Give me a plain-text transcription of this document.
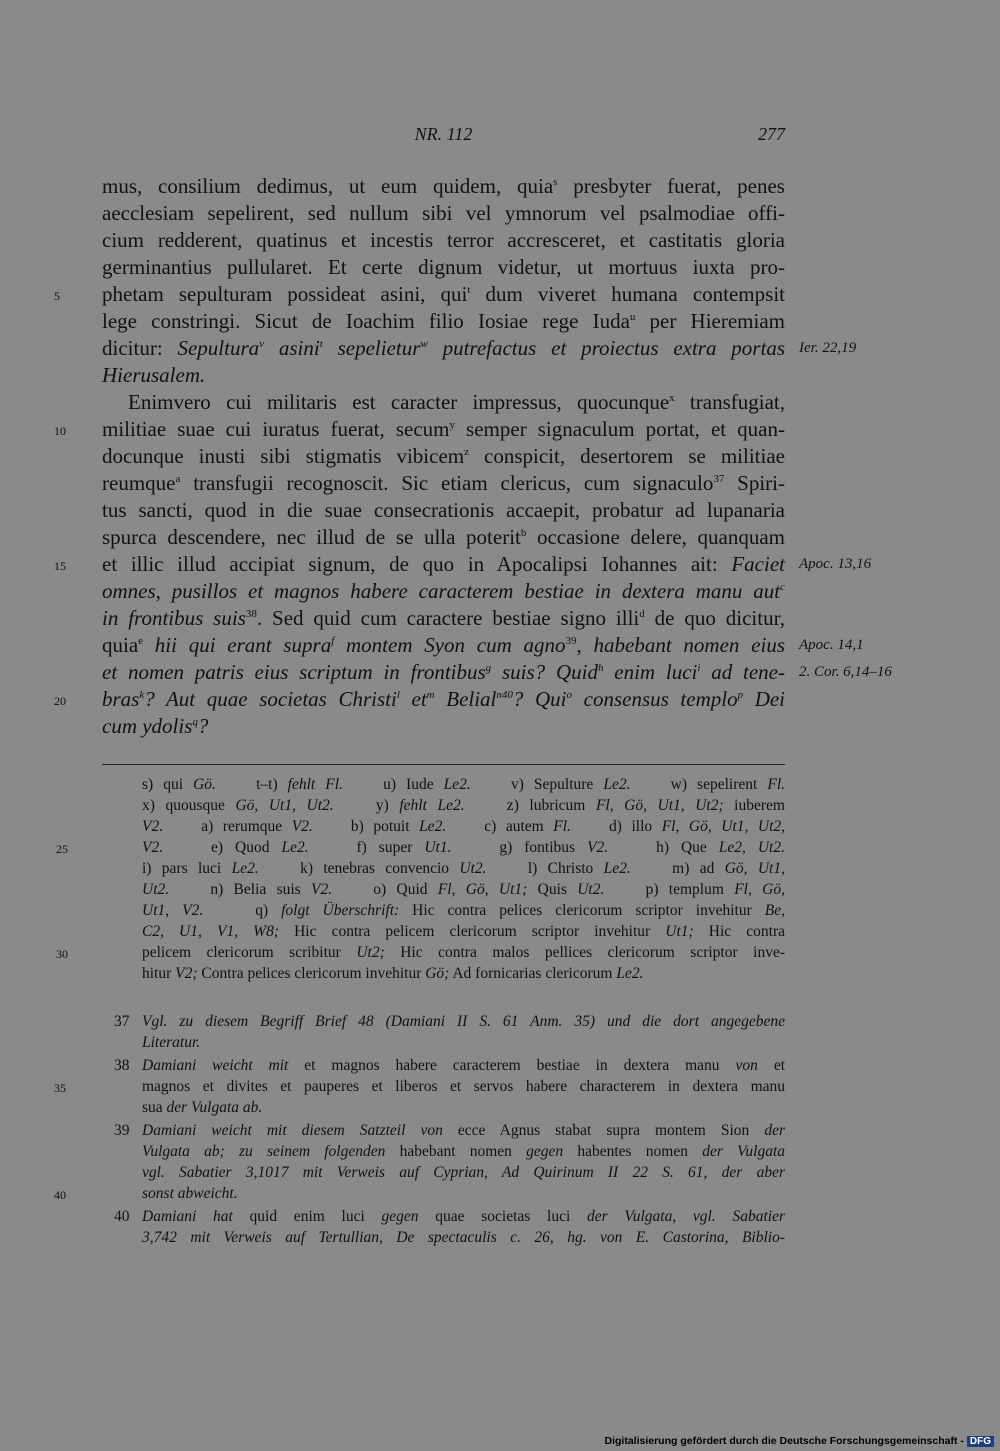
NR. 112	277
mus, consilium dedimus, ut eum quidem, quia$^s$ presbyter fuerat, penes
aecclesiam sepelirent, sed nullum sibi vel ymnorum vel psalmodiae offi-
cium redderent, quatinus et incestis terror accresceret, et castitatis gloria
germinantius pullularet. Et certe dignum videtur, ut mortuus iuxta pro-
phetam sepulturam possideat asini, qui$^t$ dum viveret humana contempsit
5
lege constringi. Sicut de Ioachim filio Iosiae rege Iuda$^u$ per Hieremiam
dicitur: Sepultura$^v$ asini$^t$ sepelietur$^w$ putrefactus et proiectus extra portas Ier. 22,19
Hierusalem.
Enimvero cui militaris est caracter impressus, quocunque$^x$ transfugiat,
militiae suae cui iuratus fuerat, secum$^y$ semper signaculum portat, et quan-
10
docunque inusti sibi stigmatis vibicem$^z$ conspicit, desertorem se militiae
reumque$^a$ transfugii recognoscit. Sic etiam clericus, cum signaculo$^{37}$ Spiri-
tus sancti, quod in die suae consecrationis accaepit, probatur ad lupanaria
spurca descendere, nec illud de se ulla poterit$^b$ occasione delere, quanquam
et illic illud accipiat signum, de quo in Apocalipsi Iohannes ait: Faciet
15	Apoc. 13,16
omnes, pusillos et magnos habere caracterem bestiae in dextera manu aut$^c$
in frontibus suis$^{38}$. Sed quid cum caractere bestiae signo illi$^d$ de quo dicitur,
quia$^e$ hii qui erant supra$^f$ montem Syon cum agno$^{39}$, habebant nomen eius Apoc. 14,1
et nomen patris eius scriptum in frontibus$^g$ suis? Quid$^h$ enim luci$^i$ ad tene- 2. Cor. 6,14–16
bras$^k$? Aut quae societas Christi$^l$ $et^m$ Belial$^{n40}$? Qui$^o$ consensus templo$^p$ Dei
20
cum ydolis$^q$?
s) qui Gö.    t–t) fehlt Fl.    u) Iude Le2.    v) Sepulture Le2.    w) sepelirent Fl.
x) quousque Gö, Ut1, Ut2.    y) fehlt Le2.    z) lubricum Fl, Gö, Ut1, Ut2; iuberem
V2.    a) rerumque V2.    b) potuit Le2.    c) autem Fl.    d) illo Fl, Gö, Ut1, Ut2,
V2.    e) Quod Le2.    f) super Ut1.    g) fontibus V2.    h) Que Le2, Ut2.
25
i) pars luci Le2.    k) tenebras convencio Ut2.    l) Christo Le2.    m) ad Gö, Ut1,
Ut2.    n) Belia suis V2.    o) Quid Fl, Gö, Ut1; Quis Ut2.    p) templum Fl, Gö,
Ut1, V2.    q) folgt Überschrift: Hic contra pelices clericorum scriptor invehitur Be,
C2, U1, V1, W8; Hic contra pelicem clericorum scriptor invehitur Ut1; Hic contra
pelicem clericorum scribitur Ut2; Hic contra malos pellices clericorum scriptor inve-
30
hitur V2; Contra pelices clericorum invehitur Gö; Ad fornicarias clericorum Le2.
37 Vgl. zu diesem Begriff Brief 48 (Damiani II S. 61 Anm. 35) und die dort angegebene
Literatur.
38 Damiani weicht mit et magnos habere caracterem bestiae in dextera manu von et
magnos et divites et pauperes et liberos et servos habere characterem in dextera manu
35
sua der Vulgata ab.
39 Damiani weicht mit diesem Satzteil von ecce Agnus stabat supra montem Sion der
Vulgata ab; zu seinem folgenden habebant nomen gegen habentes nomen der Vulgata
vgl. Sabatier 3,1017 mit Verweis auf Cyprian, Ad Quirinum II 22 S. 61, der aber
sonst abweicht.
40
40 Damiani hat quid enim luci gegen quae societas luci der Vulgata, vgl. Sabatier
3,742 mit Verweis auf Tertullian, De spectaculis c. 26, hg. von E. Castorina, Biblio-
Digitalisierung gefördert durch die Deutsche Forschungsgemeinschaft - DFG
